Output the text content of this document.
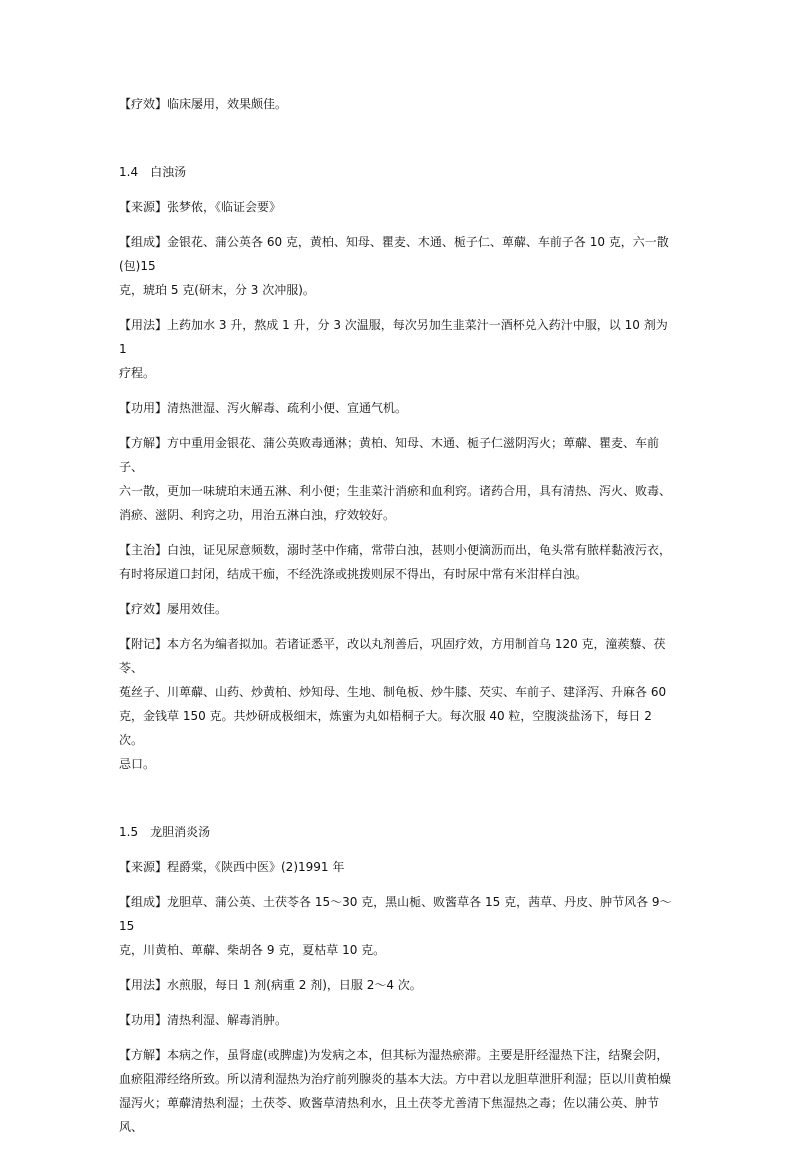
【疗效】临床屡用，效果颇佳。

1.4　白浊汤

【来源】张梦侬，《临证会要》

【组成】金银花、蒲公英各 60 克，黄柏、知母、瞿麦、木通、栀子仁、萆薢、车前子各 10 克，六一散(包)15
克，琥珀 5 克(研末，分 3 次冲服)。

【用法】上药加水 3 升，熬成 1 升，分 3 次温服，每次另加生韭菜汁一酒杯兑入药汁中服，以 10 剂为 1
疗程。

【功用】清热泄湿、泻火解毒、疏利小便、宣通气机。

【方解】方中重用金银花、蒲公英败毒通淋；黄柏、知母、木通、栀子仁滋阴泻火；萆薢、瞿麦、车前子、
六一散，更加一味琥珀末通五淋、利小便；生韭菜汁消瘀和血利窍。诸药合用，具有清热、泻火、败毒、
消瘀、滋阴、利窍之功，用治五淋白浊，疗效较好。

【主治】白浊，证见尿意频数，溺时茎中作痛，常带白浊，甚则小便滴沥而出，龟头常有脓样黏液污衣，
有时将尿道口封闭，结成干痂，不经洗涤或挑拨则尿不得出，有时尿中常有米泔样白浊。

【疗效】屡用效佳。

【附记】本方名为编者拟加。若诸证悉平，改以丸剂善后，巩固疗效，方用制首乌 120 克，潼蒺藜、茯苓、
菟丝子、川萆薢、山药、炒黄柏、炒知母、生地、制龟板、炒牛膝、芡实、车前子、建泽泻、升麻各 60
克，金钱草 150 克。共炒研成极细末，炼蜜为丸如梧桐子大。每次服 40 粒，空腹淡盐汤下，每日 2 次。
忌口。

1.5　龙胆消炎汤

【来源】程爵棠，《陕西中医》(2)1991 年

【组成】龙胆草、蒲公英、土茯苓各 15～30 克，黑山栀、败酱草各 15 克，茜草、丹皮、肿节风各 9～15
克，川黄柏、萆薢、柴胡各 9 克，夏枯草 10 克。

【用法】水煎服，每日 1 剂(病重 2 剂)，日服 2～4 次。

【功用】清热利湿、解毒消肿。

【方解】本病之作，虽肾虚(或脾虚)为发病之本，但其标为湿热瘀滞。主要是肝经湿热下注，结聚会阴，
血瘀阻滞经络所致。所以清利湿热为治疗前列腺炎的基本大法。方中君以龙胆草泄肝利湿；臣以川黄柏燥
湿泻火；萆薢清热利湿；土茯苓、败酱草清热利水，且土茯苓尤善清下焦湿热之毒；佐以蒲公英、肿节风、
